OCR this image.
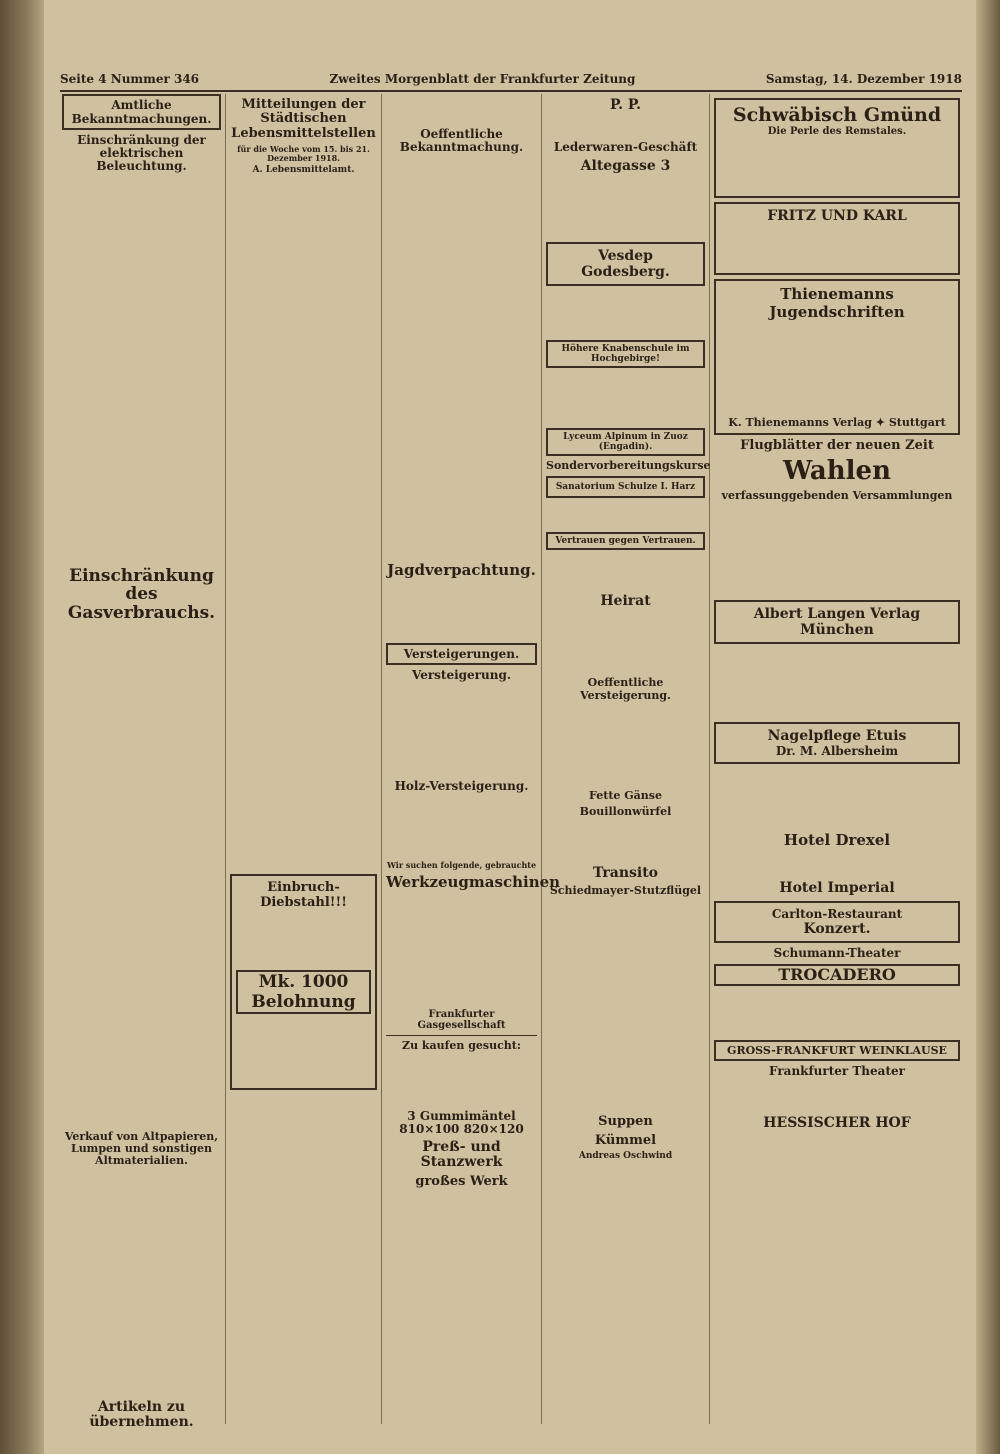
Seite 4 Nummer 346	Zweites Morgenblatt der Frankfurter Zeitung	Samstag, 14. Dezember 1918
Amtliche Bekanntmachungen.
Einschränkung der elektrischen Beleuchtung.
Einschränkung des Gasverbrauchs.
Verkauf von Altpapieren, Lumpen und sonstigen Altmaterialien.
Artikeln zu übernehmen.
Mitteilungen der Städtischen Lebensmittelstellen
für die Woche vom 15. bis 21. Dezember 1918.
A. Lebensmittelamt.
Einbruch-Diebstahl!!!
Mk. 1000 Belohnung
Oeffentliche Bekanntmachung.
Jagdverpachtung.
Versteigerungen.
Versteigerung.
Holz-Versteigerung.
Wir suchen folgende, gebrauchte
Werkzeugmaschinen
Frankfurter Gasgesellschaft
Zu kaufen gesucht:
3 Gummimäntel 810×100 820×120
Preß- und Stanzwerk
großes Werk
P. P.
Lederwaren-Geschäft
Altegasse 3
Vesdep Godesberg.
Höhere Knabenschule im Hochgebirge!
Lyceum Alpinum in Zuoz (Engadin).
Sondervorbereitungskurse
Sanatorium Schulze I. Harz
Vertrauen gegen Vertrauen.
Heirat
Oeffentliche Versteigerung.
Fette Gänse
Bouillonwürfel
Transito
Schiedmayer-Stutzflügel
Suppen
Kümmel
Andreas Oschwind
Schwäbisch Gmünd
Die Perle des Remstales.
FRITZ UND KARL
Thienemanns Jugendschriften
K. Thienemanns Verlag ✦ Stuttgart
Flugblätter der neuen Zeit
Wahlen
verfassunggebenden Versammlungen
Albert Langen Verlag München
Nagelpflege Etuis
Dr. M. Albersheim
Hotel Drexel
Hotel Imperial
Carlton-Restaurant
Konzert.
Schumann-Theater
TROCADERO
GROSS-FRANKFURT WEINKLAUSE
Frankfurter Theater
HESSISCHER HOF
